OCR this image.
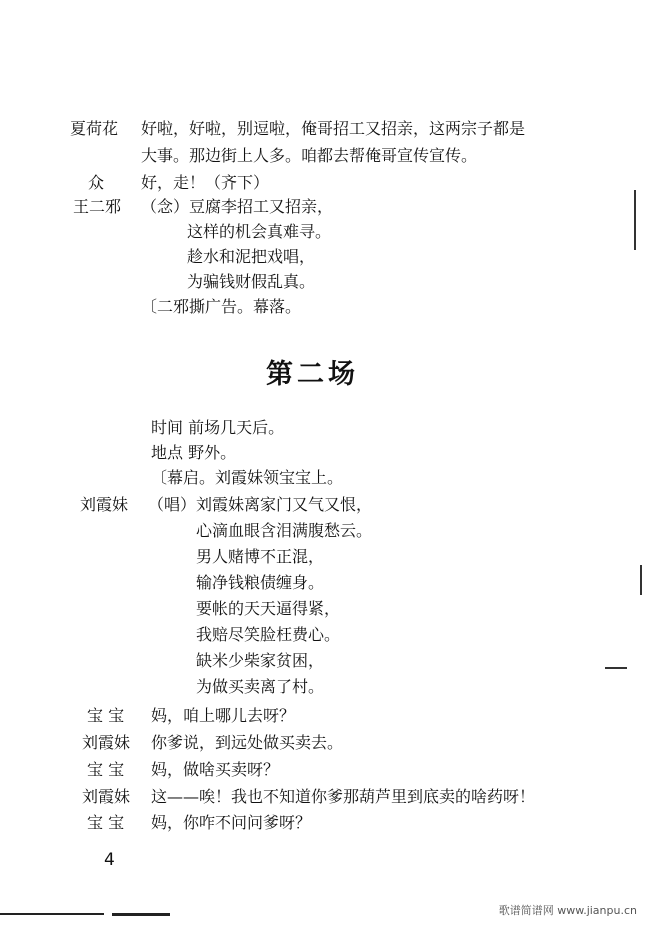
夏荷花 好啦，好啦，别逗啦，俺哥招工又招亲，这两宗子都是
大事。那边街上人多。咱都去帮俺哥宣传宣传。
众 好，走！（齐下）
王二邪 （念）豆腐李招工又招亲，
这样的机会真难寻。
趁水和泥把戏唱，
为骗钱财假乱真。
〔二邪撕广告。幕落。
第二场
时间 前场几天后。
地点 野外。
〔幕启。刘霞妹领宝宝上。
刘霞妹 （唱）刘霞妹离家门又气又恨，
心滴血眼含泪满腹愁云。
男人赌博不正混，
输净钱粮债缠身。
要帐的天天逼得紧，
我赔尽笑脸枉费心。
缺米少柴家贫困，
为做买卖离了村。
宝 宝 妈，咱上哪儿去呀？
刘霞妹 你爹说，到远处做买卖去。
宝 宝 妈，做啥买卖呀？
刘霞妹 这——唉！我也不知道你爹那葫芦里到底卖的啥药呀！
宝 宝 妈，你咋不问问爹呀？
4
歌谱简谱网 www.jianpu.cn
